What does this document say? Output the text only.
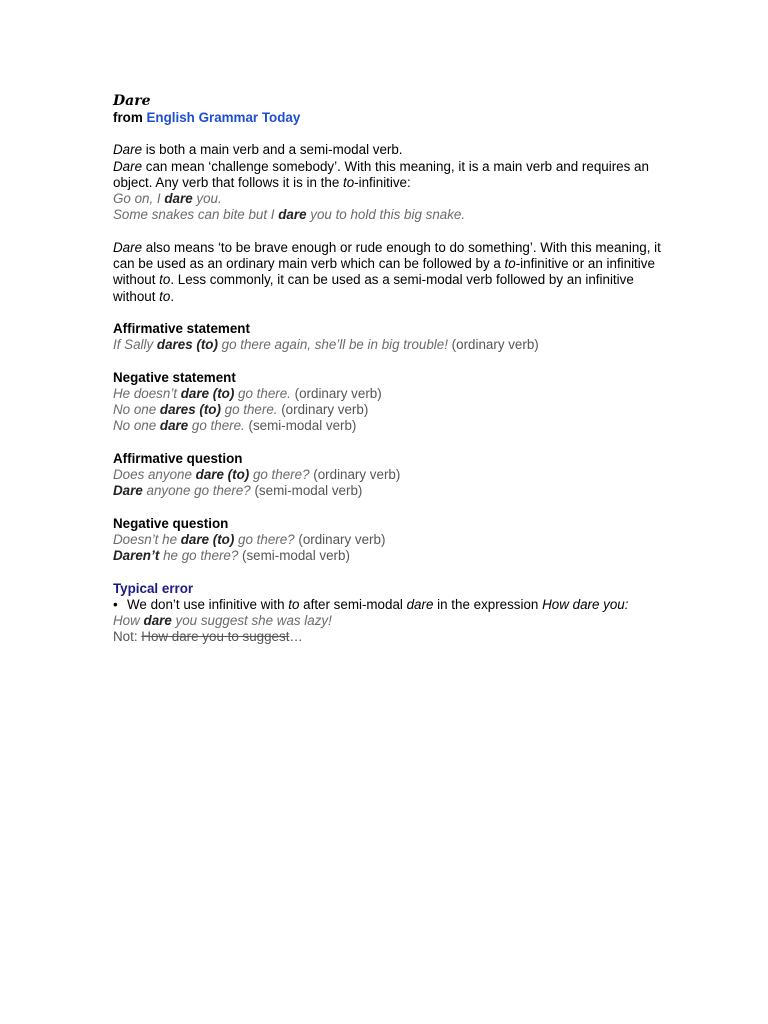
Dare

from English Grammar Today

Dare is both a main verb and a semi-modal verb.

Dare can mean ‘challenge somebody’. With this meaning, it is a main verb and requires an object. Any verb that follows it is in the to-infinitive:

Go on, I dare you.

Some snakes can bite but I dare you to hold this big snake.

Dare also means ‘to be brave enough or rude enough to do something’. With this meaning, it can be used as an ordinary main verb which can be followed by a to-infinitive or an infinitive without to. Less commonly, it can be used as a semi-modal verb followed by an infinitive without to.

Affirmative statement

If Sally dares (to) go there again, she’ll be in big trouble! (ordinary verb)

Negative statement

He doesn’t dare (to) go there. (ordinary verb)

No one dares (to) go there. (ordinary verb)

No one dare go there. (semi-modal verb)

Affirmative question

Does anyone dare (to) go there? (ordinary verb)

Dare anyone go there? (semi-modal verb)

Negative question

Doesn’t he dare (to) go there? (ordinary verb)

Daren’t he go there? (semi-modal verb)

Typical error

• We don’t use infinitive with to after semi-modal dare in the expression How dare you:

How dare you suggest she was lazy!

Not: How dare you to suggest…
